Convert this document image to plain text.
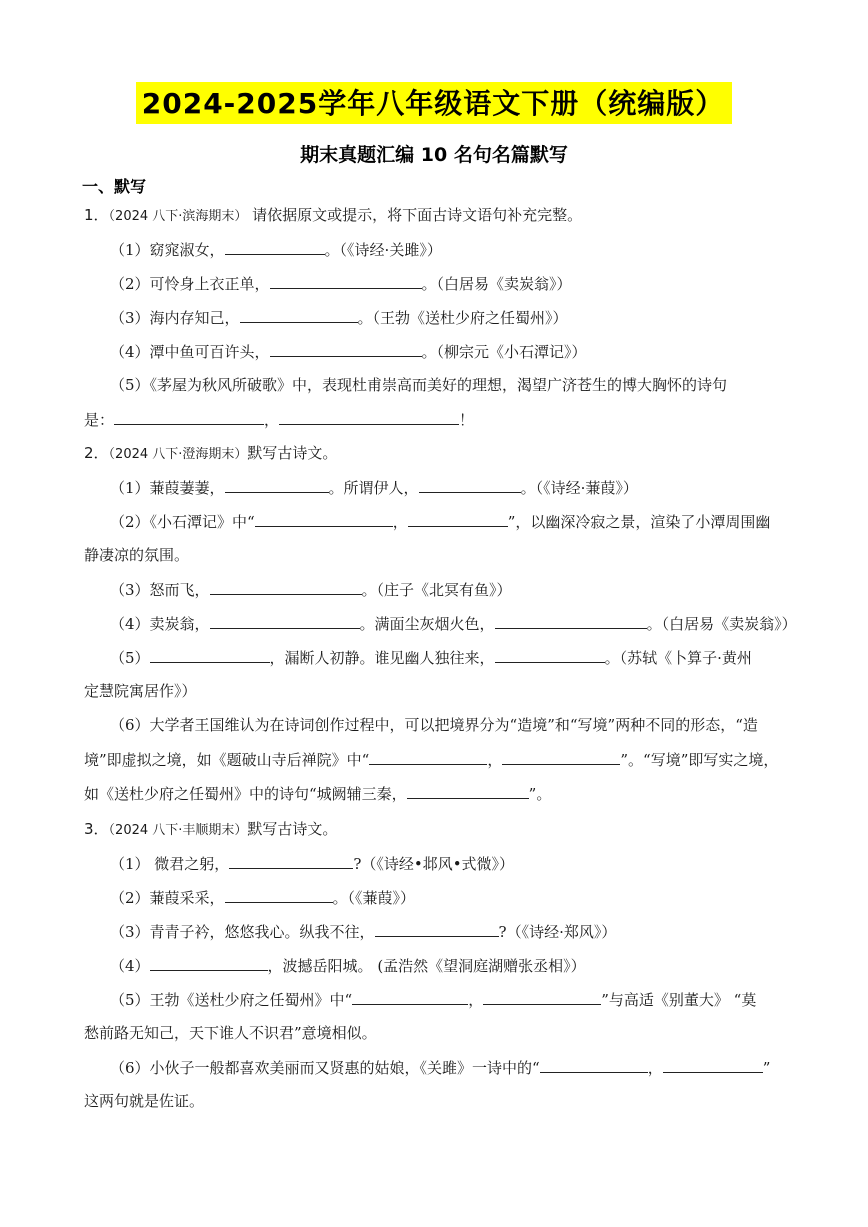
2024-2025学年八年级语文下册（统编版）
期末真题汇编 10 名句名篇默写
一、默写
1．（2024 八下·滨海期末） 请依据原文或提示，将下面古诗文语句补充完整。
（1）窈窕淑女，	。（《诗经·关雎》）
（2）可怜身上衣正单，	。（白居易《卖炭翁》）
（3）海内存知己，	。（王勃《送杜少府之任蜀州》）
（4）潭中鱼可百许头，	。（柳宗元《小石潭记》）
（5）《茅屋为秋风所破歌》中，表现杜甫崇高而美好的理想，渴望广济苍生的博大胸怀的诗句
是：	，	！
2．（2024 八下·澄海期末）默写古诗文。
（1）蒹葭萋萋，	。所谓伊人，	。（《诗经·蒹葭》）
（2）《小石潭记》中“	，	”，以幽深冷寂之景，渲染了小潭周围幽
静凄凉的氛围。
（3）怒而飞，	。（庄子《北冥有鱼》）
（4）卖炭翁，	。满面尘灰烟火色，	。（白居易《卖炭翁》）
（5）	，漏断人初静。谁见幽人独往来，	。（苏轼《卜算子·黄州
定慧院寓居作》）
（6）大学者王国维认为在诗词创作过程中，可以把境界分为“造境”和“写境”两种不同的形态，“造
境”即虚拟之境，如《题破山寺后禅院》中“	，	”。“写境”即写实之境，
如《送杜少府之任蜀州》中的诗句“城阙辅三秦，	”。
3．（2024 八下·丰顺期末）默写古诗文。
（1） 微君之躬，	?（《诗经•邶风•式微》）
（2）蒹葭采采，	。（《蒹葭》）
（3）青青子衿，悠悠我心。纵我不往，	?（《诗经·郑风》）
（4）	，波撼岳阳城。 (孟浩然《望洞庭湖赠张丞相》）
（5）王勃《送杜少府之任蜀州》中“	，	”与高适《别董大》 “莫
愁前路无知己，天下谁人不识君”意境相似。
（6）小伙子一般都喜欢美丽而又贤惠的姑娘，《关雎》一诗中的“	，	”
这两句就是佐证。
